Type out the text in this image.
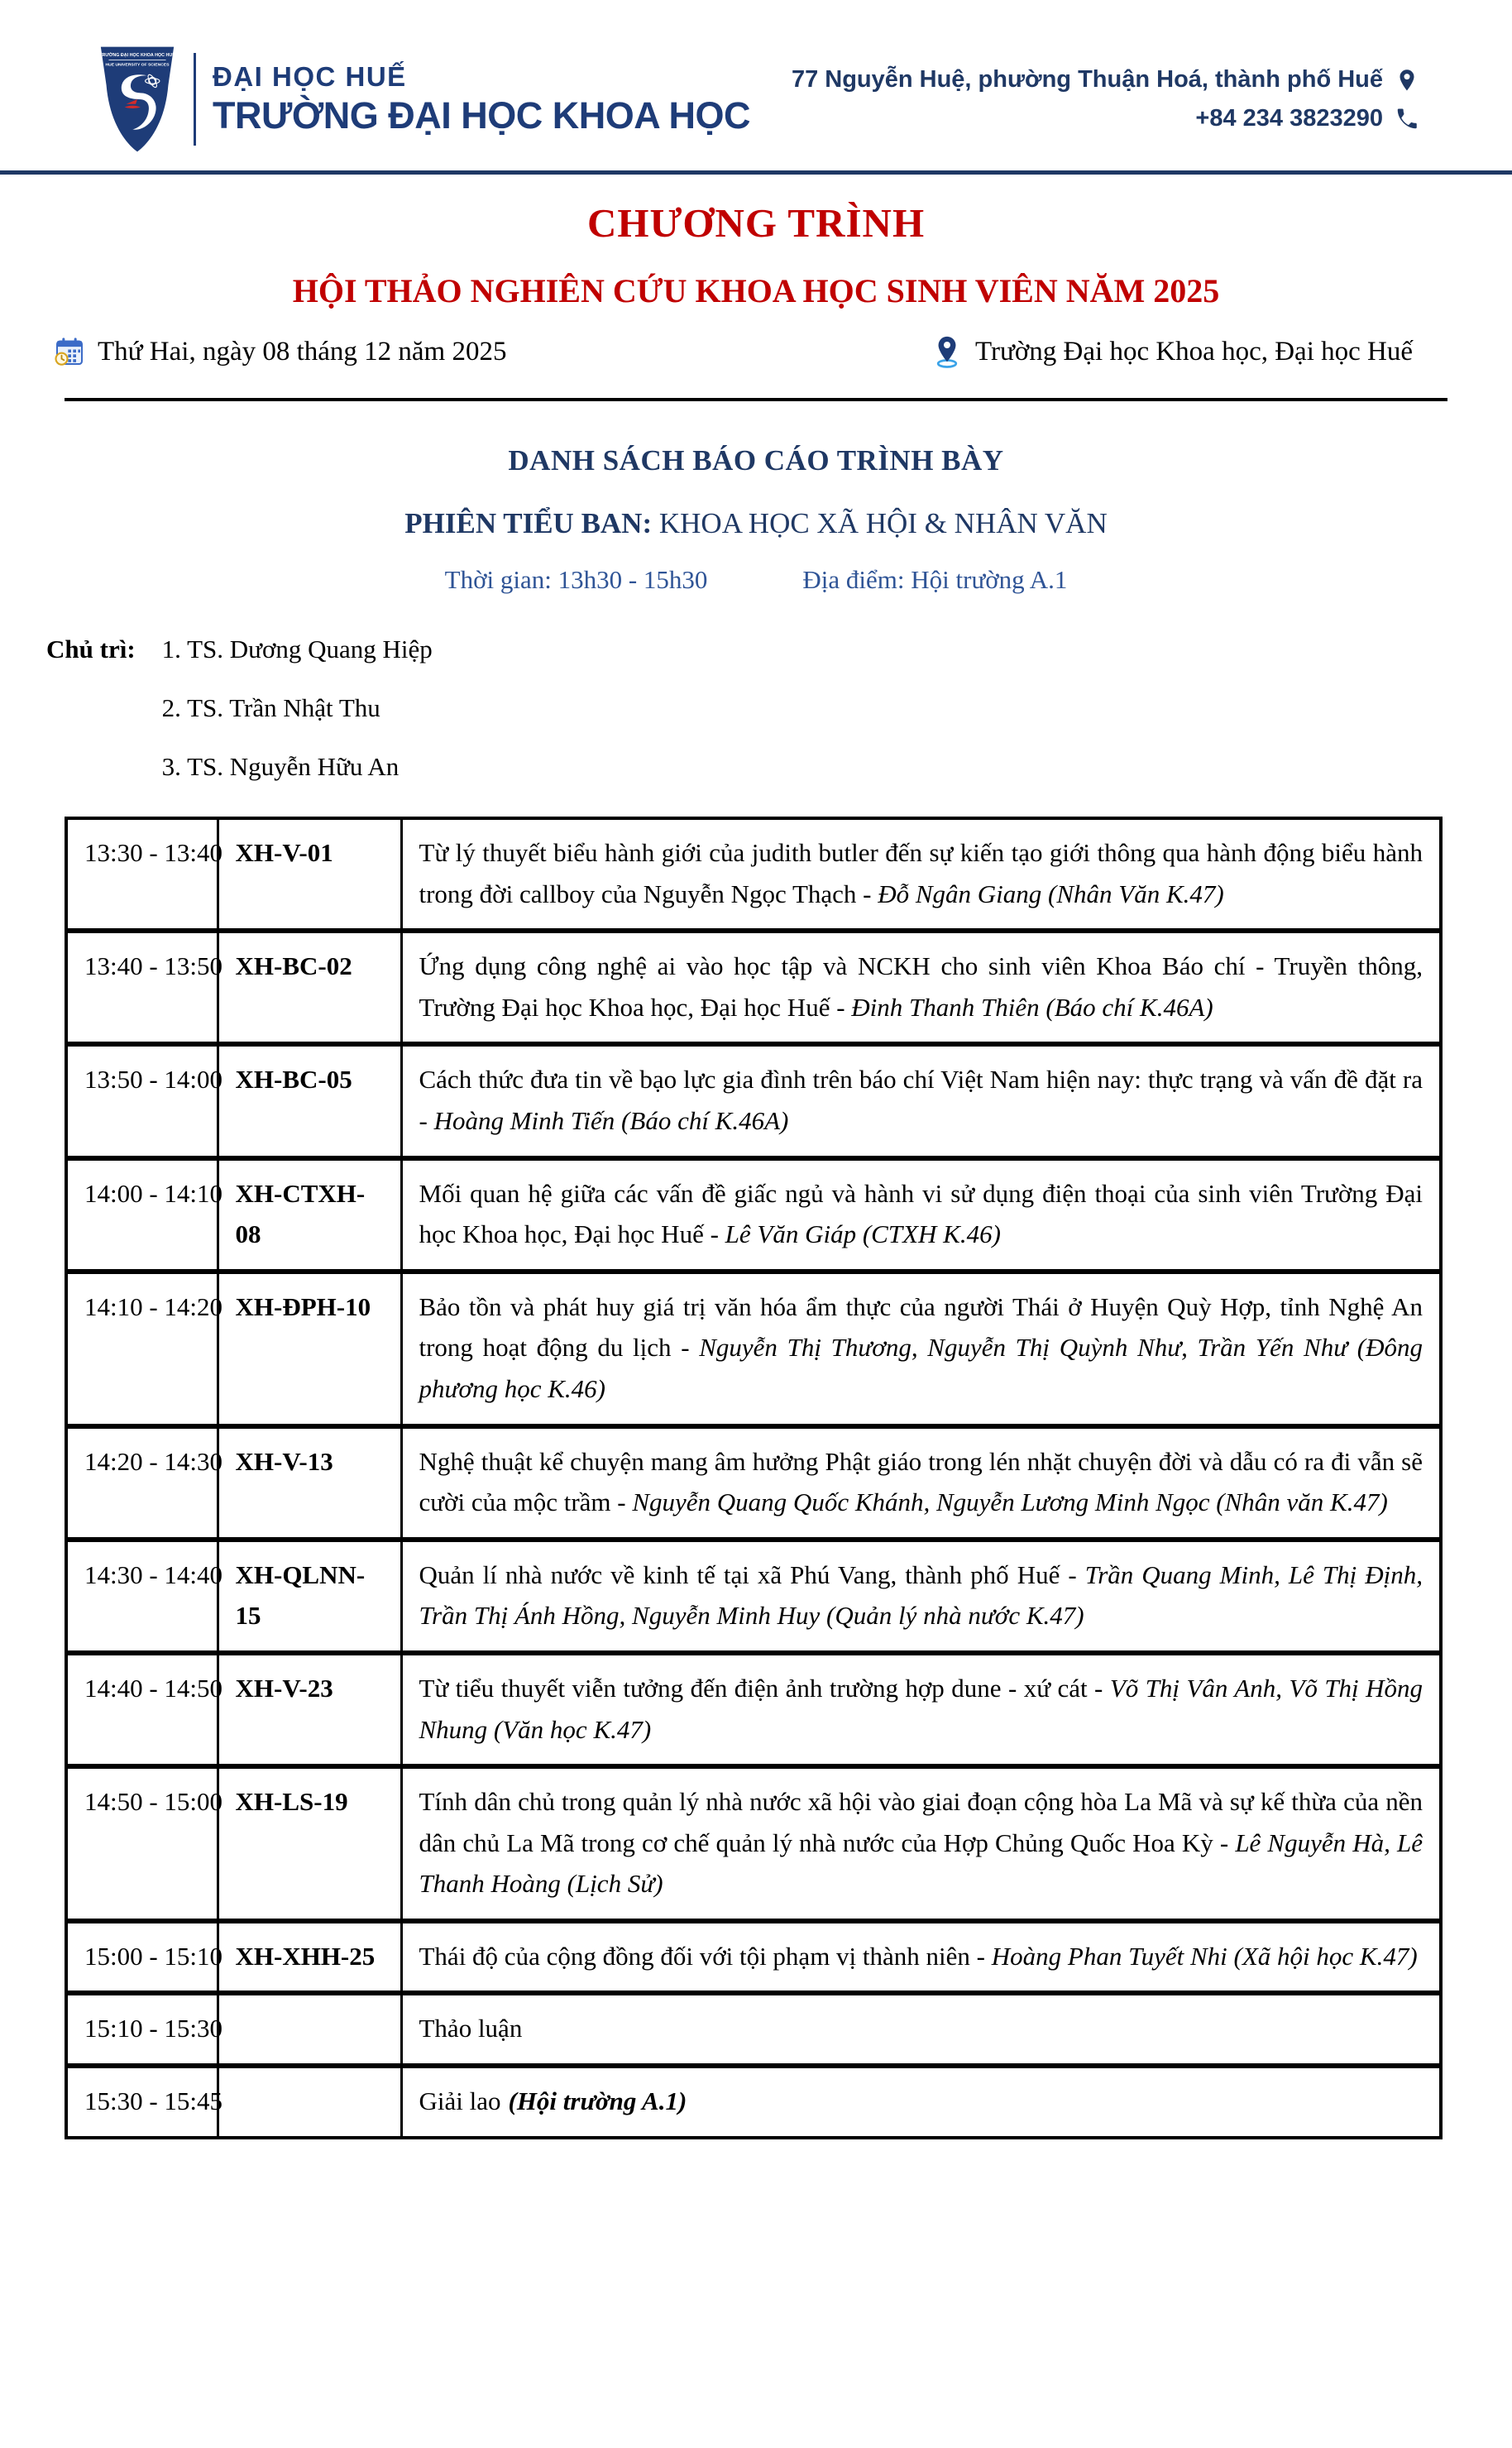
TRƯỜNG ĐẠI HỌC KHOA HỌC HUẾ
HUE UNIVERSITY OF SCIENCES ĐẠI HỌC HUẾ
TRƯỜNG ĐẠI HỌC KHOA HỌC
77 Nguyễn Huệ, phường Thuận Hoá, thành phố Huế
+84 234 3823290
CHƯƠNG TRÌNH
HỘI THẢO NGHIÊN CỨU KHOA HỌC SINH VIÊN NĂM 2025
Thứ Hai, ngày 08 tháng 12 năm 2025	Trường Đại học Khoa học, Đại học Huế
DANH SÁCH BÁO CÁO TRÌNH BÀY
PHIÊN TIỂU BAN: KHOA HỌC XÃ HỘI & NHÂN VĂN
Thời gian: 13h30 - 15h30	Địa điểm: Hội trường A.1
Chủ trì: 1. TS. Dương Quang Hiệp
2. TS. Trần Nhật Thu
3. TS. Nguyễn Hữu An
13:30 - 13:40	XH-V-01	Từ lý thuyết biểu hành giới của judith butler đến sự kiến tạo giới thông qua hành động biểu hành trong đời callboy của Nguyễn Ngọc Thạch - Đỗ Ngân Giang (Nhân Văn K.47)
13:40 - 13:50	XH-BC-02	Ứng dụng công nghệ ai vào học tập và NCKH cho sinh viên Khoa Báo chí - Truyền thông, Trường Đại học Khoa học, Đại học Huế - Đinh Thanh Thiên (Báo chí K.46A)
13:50 - 14:00	XH-BC-05	Cách thức đưa tin về bạo lực gia đình trên báo chí Việt Nam hiện nay: thực trạng và vấn đề đặt ra - Hoàng Minh Tiến (Báo chí K.46A)
14:00 - 14:10	XH-CTXH-08	Mối quan hệ giữa các vấn đề giấc ngủ và hành vi sử dụng điện thoại của sinh viên Trường Đại học Khoa học, Đại học Huế - Lê Văn Giáp (CTXH K.46)
14:10 - 14:20	XH-ĐPH-10	Bảo tồn và phát huy giá trị văn hóa ẩm thực của người Thái ở Huyện Quỳ Hợp, tỉnh Nghệ An trong hoạt động du lịch - Nguyễn Thị Thương, Nguyễn Thị Quỳnh Như, Trần Yến Như (Đông phương học K.46)
14:20 - 14:30	XH-V-13	Nghệ thuật kể chuyện mang âm hưởng Phật giáo trong lén nhặt chuyện đời và dẫu có ra đi vẫn sẽ cười của mộc trầm - Nguyễn Quang Quốc Khánh, Nguyễn Lương Minh Ngọc (Nhân văn K.47)
14:30 - 14:40	XH-QLNN-15	Quản lí nhà nước về kinh tế tại xã Phú Vang, thành phố Huế - Trần Quang Minh, Lê Thị Định, Trần Thị Ánh Hồng, Nguyễn Minh Huy (Quản lý nhà nước K.47)
14:40 - 14:50	XH-V-23	Từ tiểu thuyết viễn tưởng đến điện ảnh trường hợp dune - xứ cát - Võ Thị Vân Anh, Võ Thị Hồng Nhung (Văn học K.47)
14:50 - 15:00	XH-LS-19	Tính dân chủ trong quản lý nhà nước xã hội vào giai đoạn cộng hòa La Mã và sự kế thừa của nền dân chủ La Mã trong cơ chế quản lý nhà nước của Hợp Chủng Quốc Hoa Kỳ - Lê Nguyễn Hà, Lê Thanh Hoàng (Lịch Sử)
15:00 - 15:10	XH-XHH-25	Thái độ của cộng đồng đối với tội phạm vị thành niên - Hoàng Phan Tuyết Nhi (Xã hội học K.47)
15:10 - 15:30		Thảo luận
15:30 - 15:45		Giải lao (Hội trường A.1)
